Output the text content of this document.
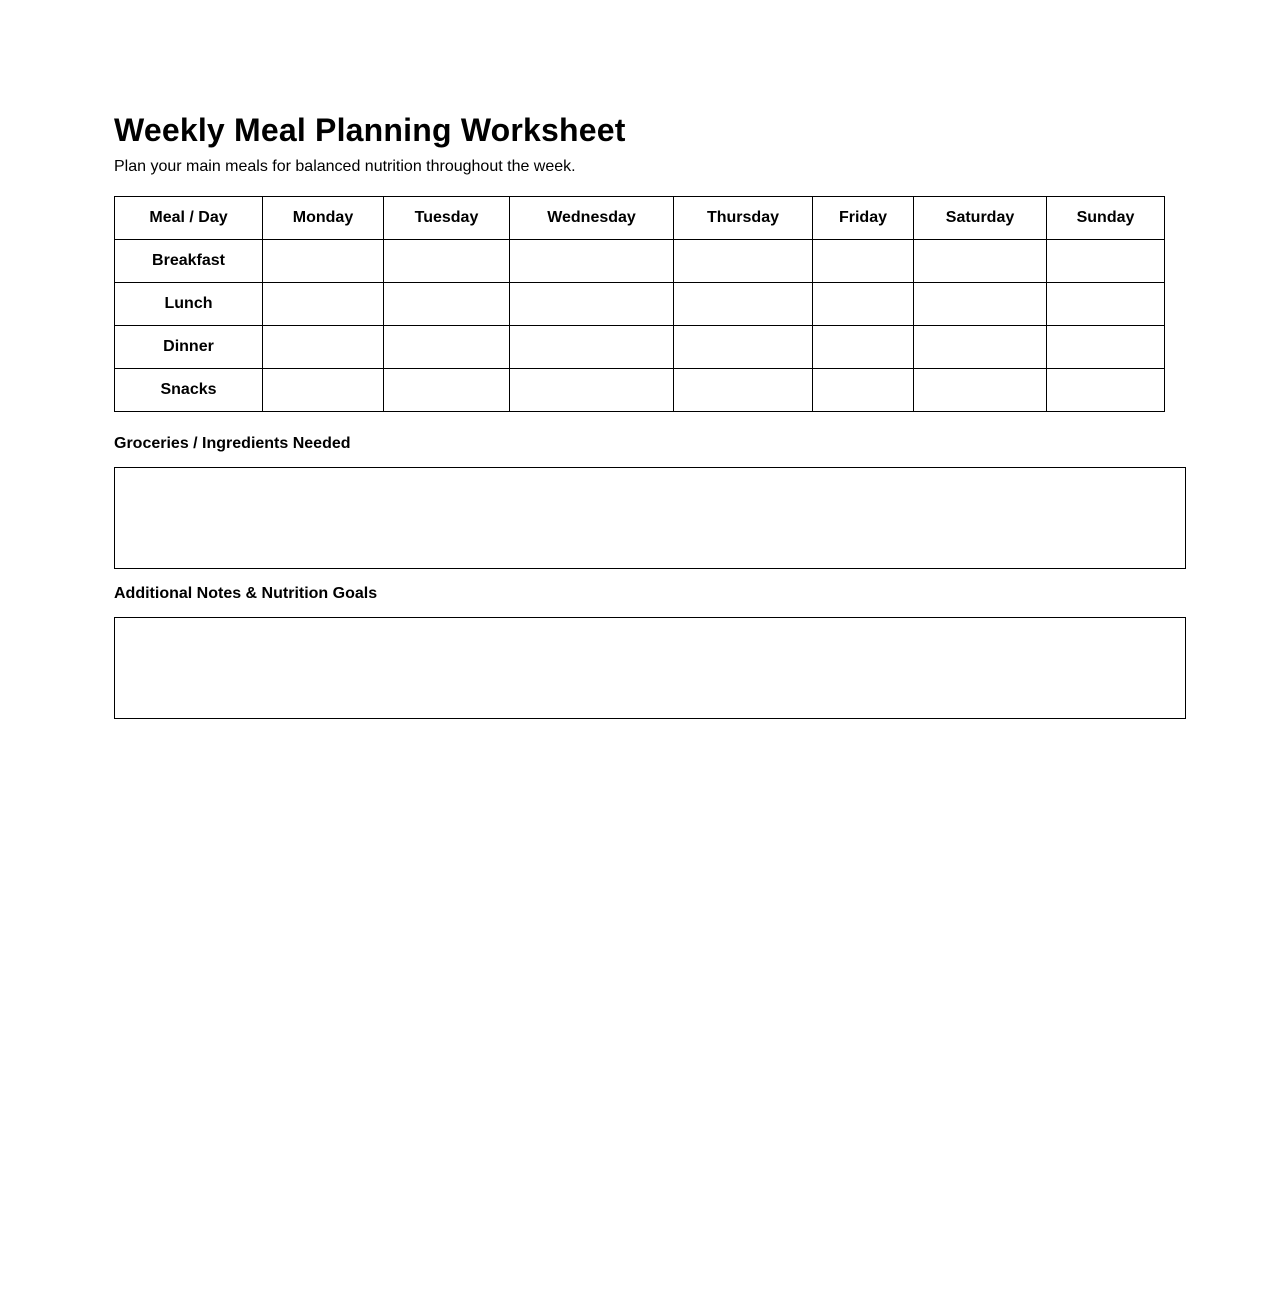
Weekly Meal Planning Worksheet

Plan your main meals for balanced nutrition throughout the week.

Meal / Day	Monday	Tuesday	Wednesday	Thursday	Friday	Saturday	Sunday
Breakfast							
Lunch							
Dinner							
Snacks							
Groceries / Ingredients Needed
Additional Notes & Nutrition Goals
